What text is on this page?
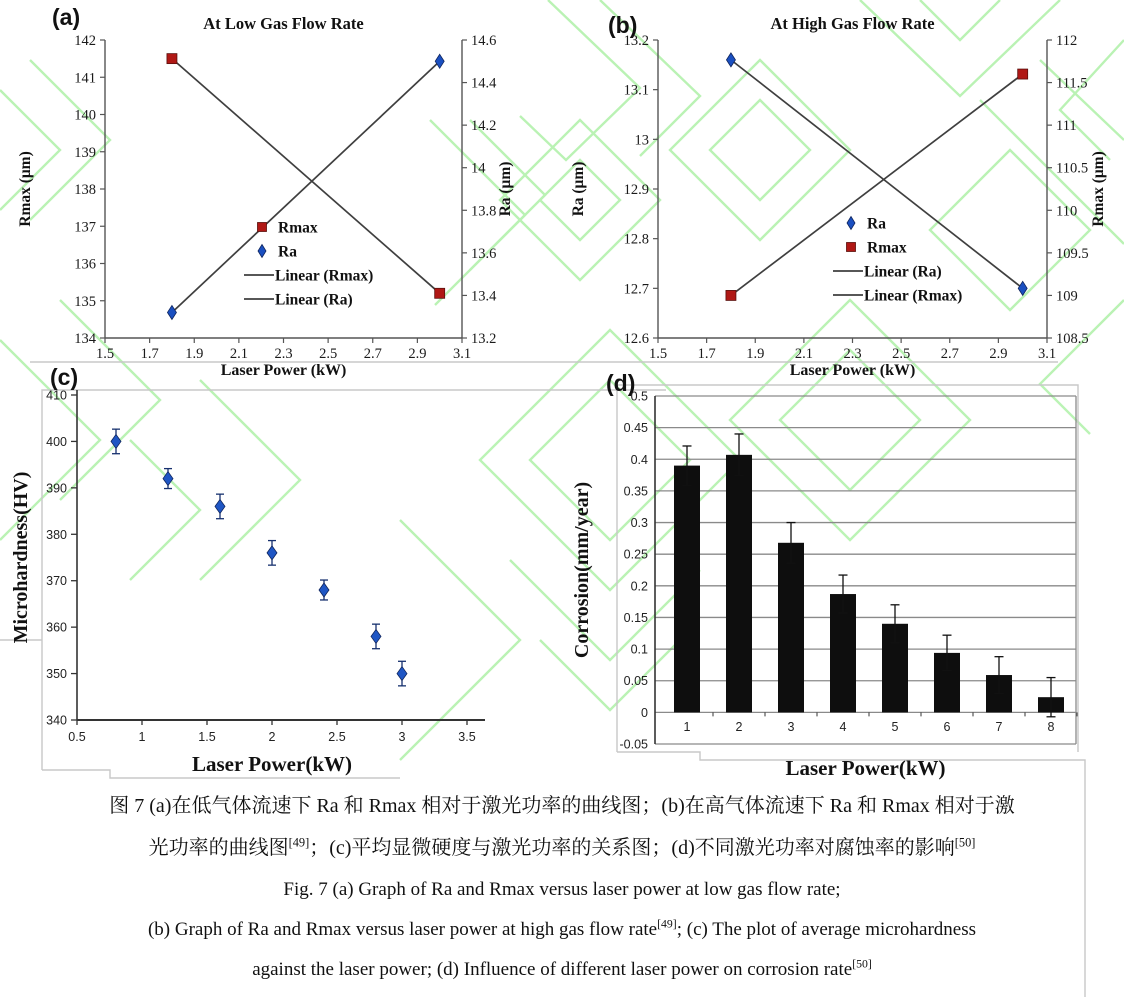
(a)	(b)
(c)	(d)
At Low Gas Flow Rate
134
135
136
137
138
139
140
141
142
13.2
13.4
13.6
13.8
14
14.2
14.4
14.6
1.5 1.7 1.9 2.1 2.3 2.5 2.7 2.9 3.1
Laser Power (kW)
Rmax (μm)	Ra (μm)
Rmax
Ra
Linear (Rmax)
Linear (Ra)
At High Gas Flow Rate
12.6
12.7
12.8
12.9
13
13.1
13.2
108.5
109
109.5
110
110.5
111
111.5
112
1.5 1.7 1.9 2.1 2.3 2.5 2.7 2.9 3.1
Laser Power (kW)
Ra (μm)	Rmax (μm)
Ra
Rmax
Linear (Ra)
Linear (Rmax)
340
350
360
370
380
390
400
410
0.5	1	1.5	2	2.5	3	3.5
Laser Power(kW)
Microhardness(HV)
0.5
0.45
0.4
0.35
0.3
0.25
0.2
0.15
0.1
0.05
0
-0.05
1	2	3	4	5	6	7	8
Laser Power(kW)
Corrosion(mm/year)

图 7 (a)在低气体流速下 Ra 和 Rmax 相对于激光功率的曲线图；(b)在高气体流速下 Ra 和 Rmax 相对于激

光功率的曲线图[49]；(c)平均显微硬度与激光功率的关系图；(d)不同激光功率对腐蚀率的影响[50]

Fig. 7 (a) Graph of Ra and Rmax versus laser power at low gas flow rate;

(b) Graph of Ra and Rmax versus laser power at high gas flow rate[49]; (c) The plot of average microhardness

against the laser power; (d) Influence of different laser power on corrosion rate[50]
